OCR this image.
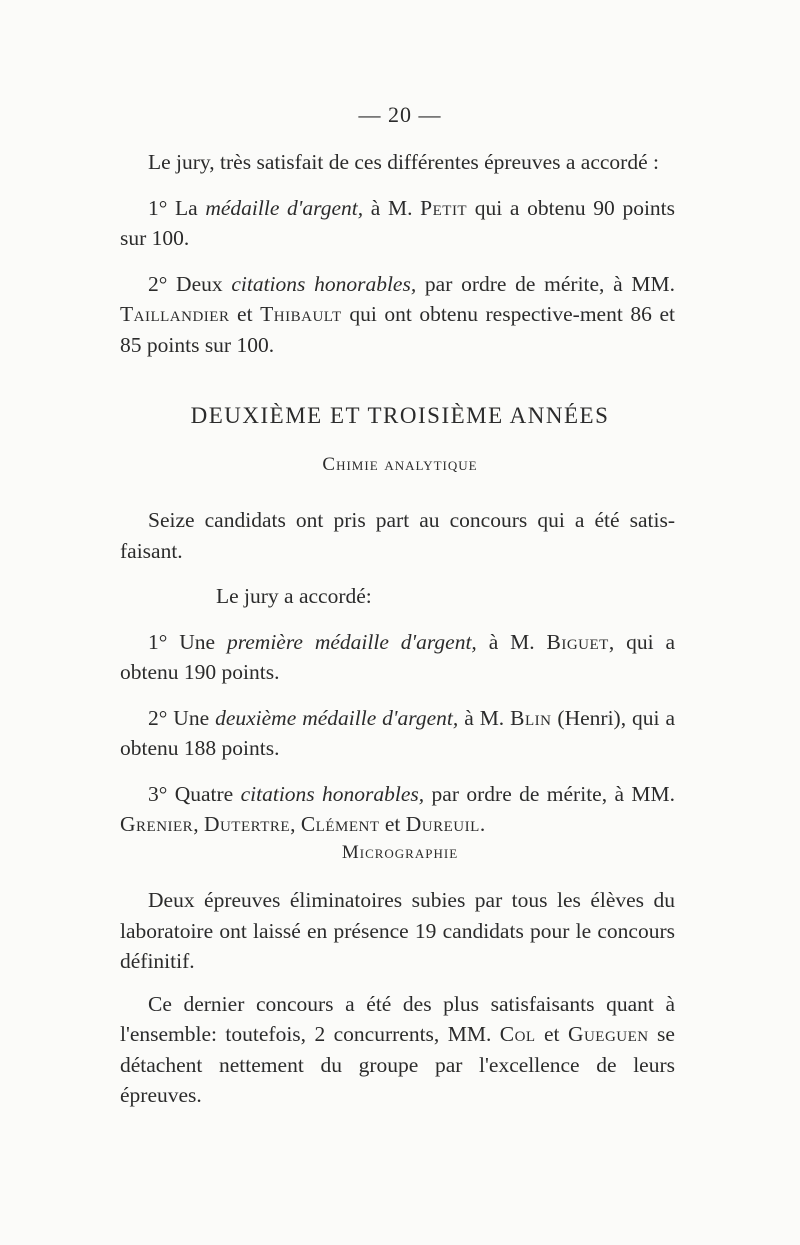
— 20 —

Le jury, très satisfait de ces différentes épreuves a accordé :

1° La médaille d'argent, à M. Petit qui a obtenu 90 points sur 100.

2° Deux citations honorables, par ordre de mérite, à MM. Taillandier et Thibault qui ont obtenu respective-ment 86 et 85 points sur 100.

DEUXIÈME ET TROISIÈME ANNÉES
Chimie analytique

Seize candidats ont pris part au concours qui a été satis-faisant.

Le jury a accordé:

1° Une première médaille d'argent, à M. Biguet, qui a obtenu 190 points.

2° Une deuxième médaille d'argent, à M. Blin (Henri), qui a obtenu 188 points.

3° Quatre citations honorables, par ordre de mérite, à MM. Grenier, Dutertre, Clément et Dureuil.

Micrographie

Deux épreuves éliminatoires subies par tous les élèves du laboratoire ont laissé en présence 19 candidats pour le concours définitif.

Ce dernier concours a été des plus satisfaisants quant à l'ensemble: toutefois, 2 concurrents, MM. Col et Gueguen se détachent nettement du groupe par l'excellence de leurs épreuves.
